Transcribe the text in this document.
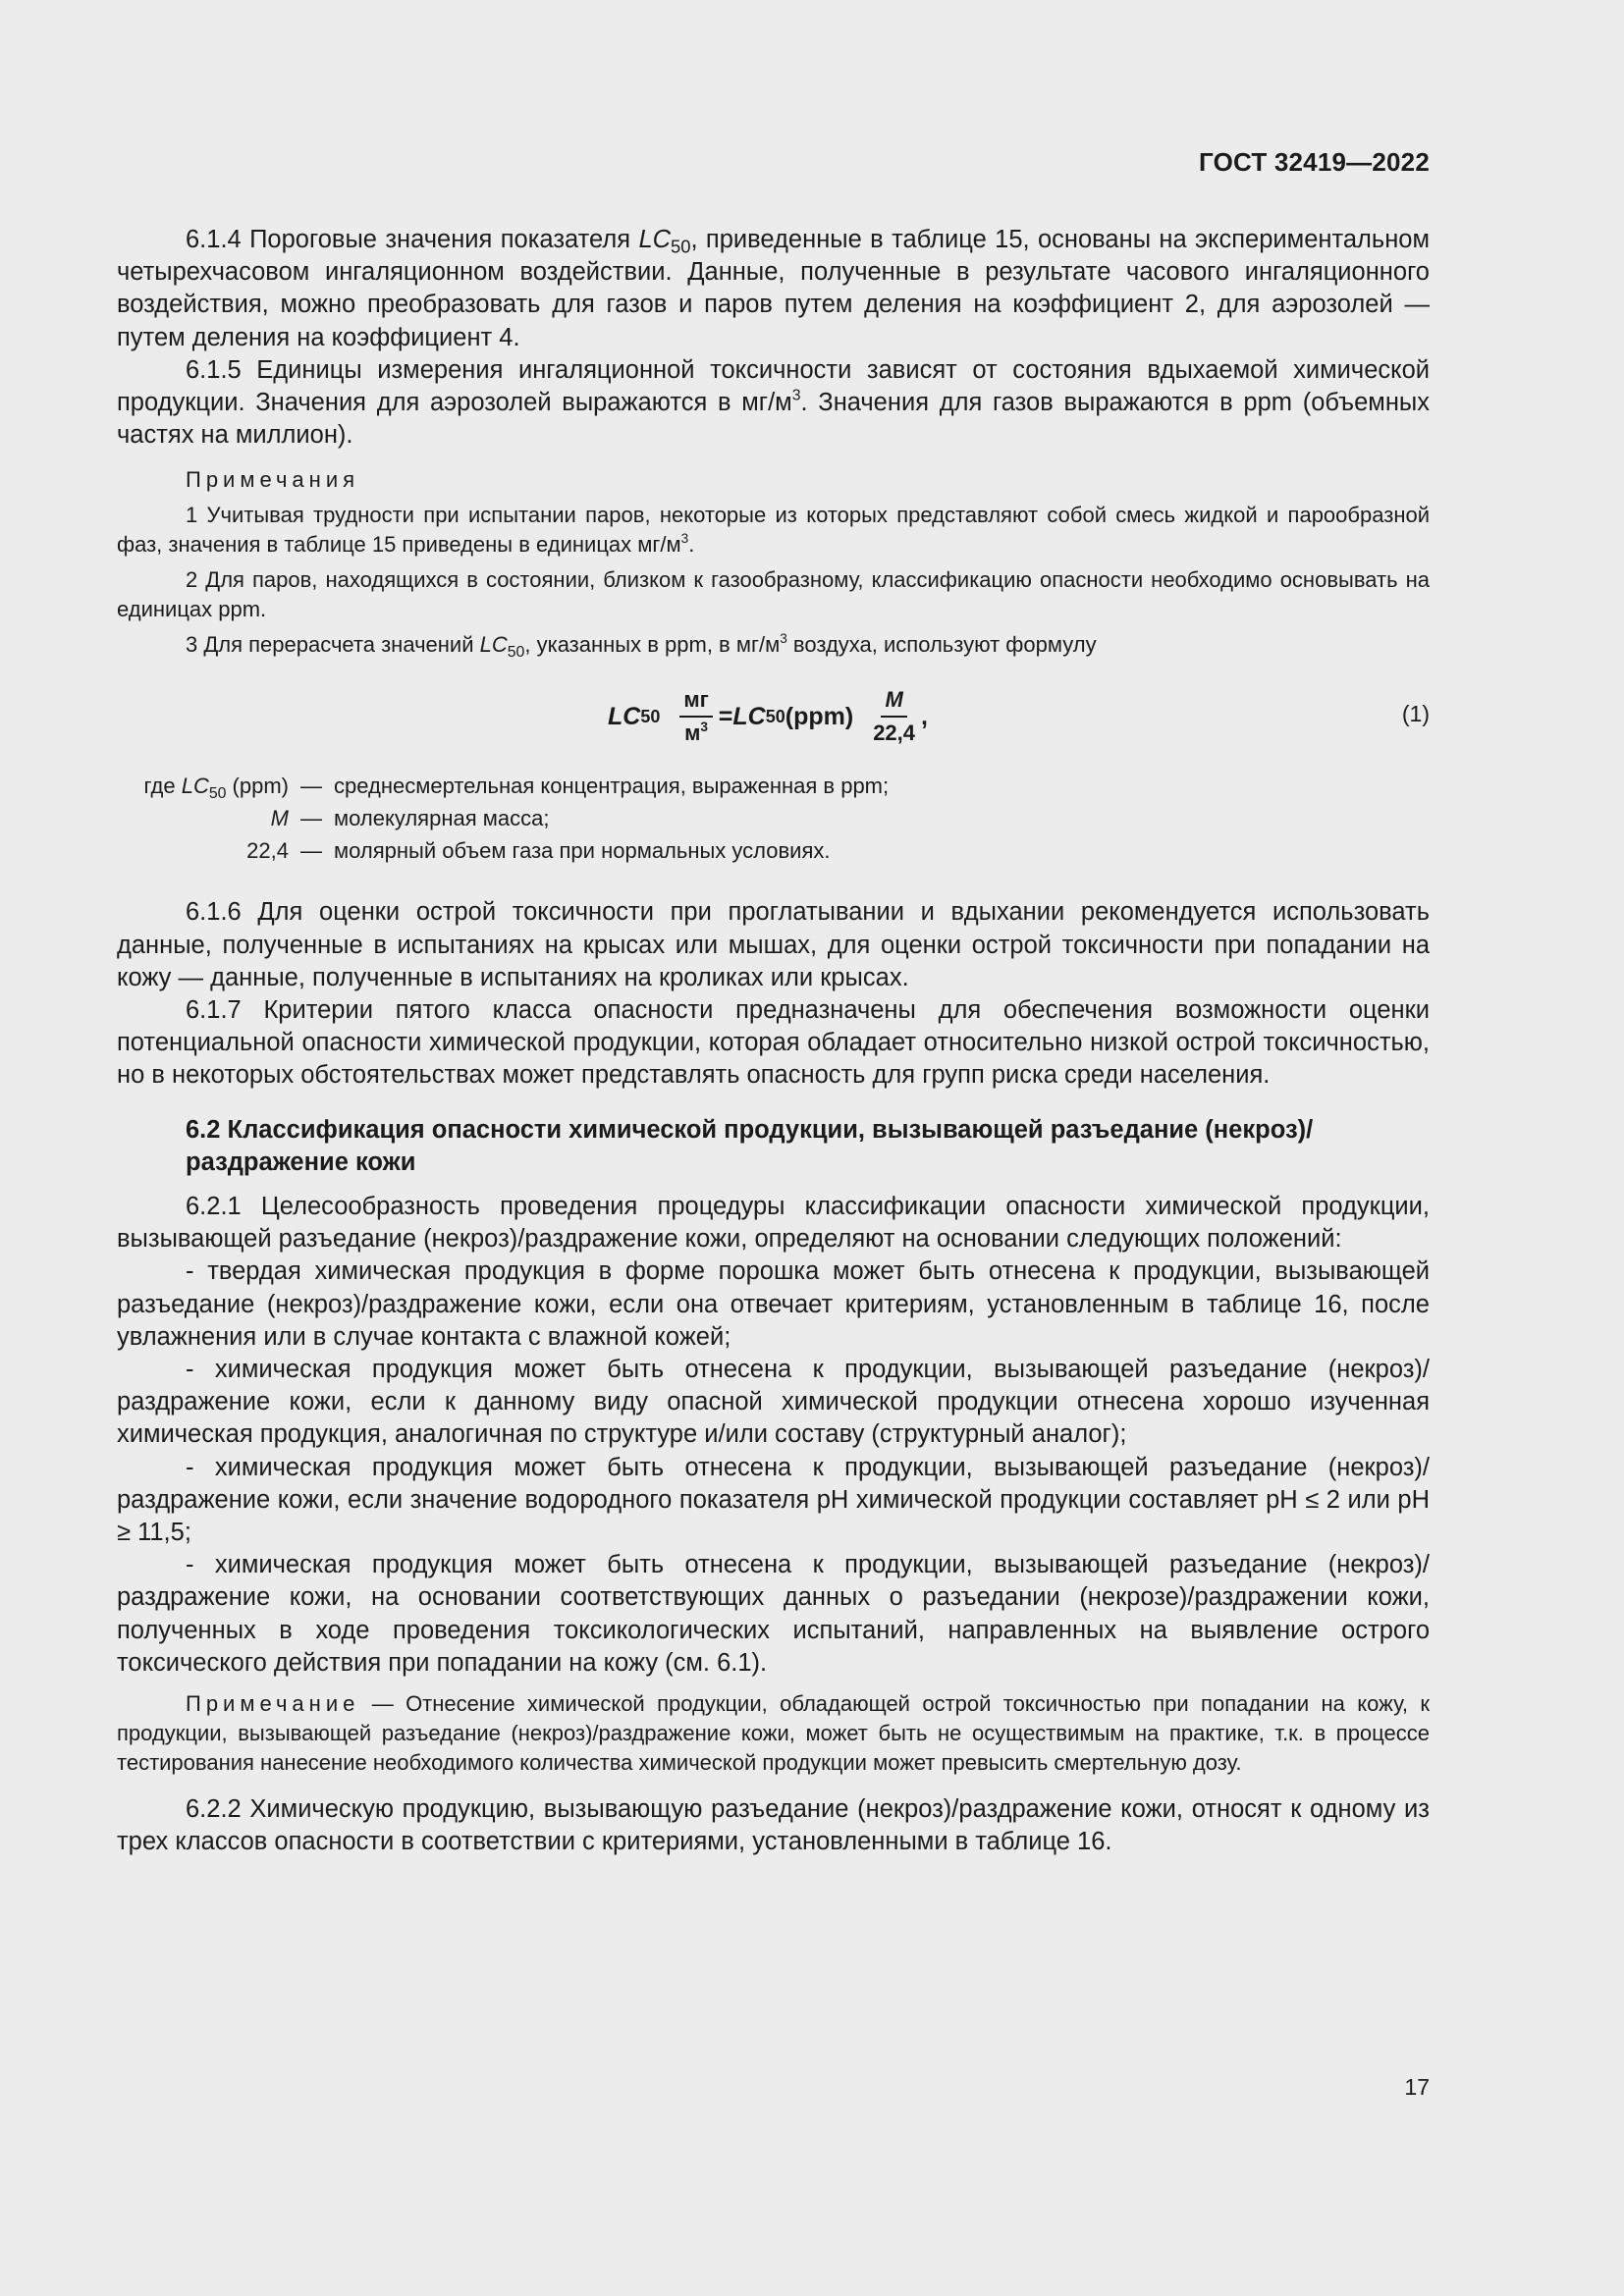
ГОСТ 32419—2022

6.1.4 Пороговые значения показателя $LC_{50}$, приведенные в таблице 15, основаны на экспериментальном четырехчасовом ингаляционном воздействии. Данные, полученные в результате часового ингаляционного воздействия, можно преобразовать для газов и паров путем деления на коэффициент 2, для аэрозолей — путем деления на коэффициент 4.

6.1.5 Единицы измерения ингаляционной токсичности зависят от состояния вдыхаемой химической продукции. Значения для аэрозолей выражаются в $мг/м^3$. Значения для газов выражаются в ppm (объемных частях на миллион).

Примечания

1 Учитывая трудности при испытании паров, некоторые из которых представляют собой смесь жидкой и парообразной фаз, значения в таблице 15 приведены в единицах $мг/м^3$.

2 Для паров, находящихся в состоянии, близком к газообразному, классификацию опасности необходимо основывать на единицах ppm.

3 Для перерасчета значений $LC_{50}$, указанных в ppm, в $мг/м^3$ воздуха, используют формулу

LC $50 \frac{мг}{м^3}$ = LC 50 $(ppm) \frac{M}{22,4}$ ,	(1)
где $LC_{50}$ (ppm) — среднесмертельная концентрация, выраженная в ppm;
M — молекулярная масса;
22,4 — молярный объем газа при нормальных условиях.

6.1.6 Для оценки острой токсичности при проглатывании и вдыхании рекомендуется использовать данные, полученные в испытаниях на крысах или мышах, для оценки острой токсичности при попадании на кожу — данные, полученные в испытаниях на кроликах или крысах.

6.1.7 Критерии пятого класса опасности предназначены для обеспечения возможности оценки потенциальной опасности химической продукции, которая обладает относительно низкой острой токсичностью, но в некоторых обстоятельствах может представлять опасность для групп риска среди населения.

6.2 Классификация опасности химической продукции, вызывающей разъедание (некроз)/ раздражение кожи

6.2.1 Целесообразность проведения процедуры классификации опасности химической продукции, вызывающей разъедание (некроз)/раздражение кожи, определяют на основании следующих положений:

- твердая химическая продукция в форме порошка может быть отнесена к продукции, вызывающей разъедание (некроз)/раздражение кожи, если она отвечает критериям, установленным в таблице 16, после увлажнения или в случае контакта с влажной кожей;

- химическая продукция может быть отнесена к продукции, вызывающей разъедание (некроз)/ раздражение кожи, если к данному виду опасной химической продукции отнесена хорошо изученная химическая продукция, аналогичная по структуре и/или составу (структурный аналог);

- химическая продукция может быть отнесена к продукции, вызывающей разъедание (некроз)/ раздражение кожи, если значение водородного показателя pH химической продукции составляет pH ≤ 2 или pH ≥ 11,5;

- химическая продукция может быть отнесена к продукции, вызывающей разъедание (некроз)/ раздражение кожи, на основании соответствующих данных о разъедании (некрозе)/раздражении кожи, полученных в ходе проведения токсикологических испытаний, направленных на выявление острого токсического действия при попадании на кожу (см. 6.1).

Примечание — Отнесение химической продукции, обладающей острой токсичностью при попадании на кожу, к продукции, вызывающей разъедание (некроз)/раздражение кожи, может быть не осуществимым на практике, т.к. в процессе тестирования нанесение необходимого количества химической продукции может превысить смертельную дозу.

6.2.2 Химическую продукцию, вызывающую разъедание (некроз)/раздражение кожи, относят к одному из трех классов опасности в соответствии с критериями, установленными в таблице 16.

17
